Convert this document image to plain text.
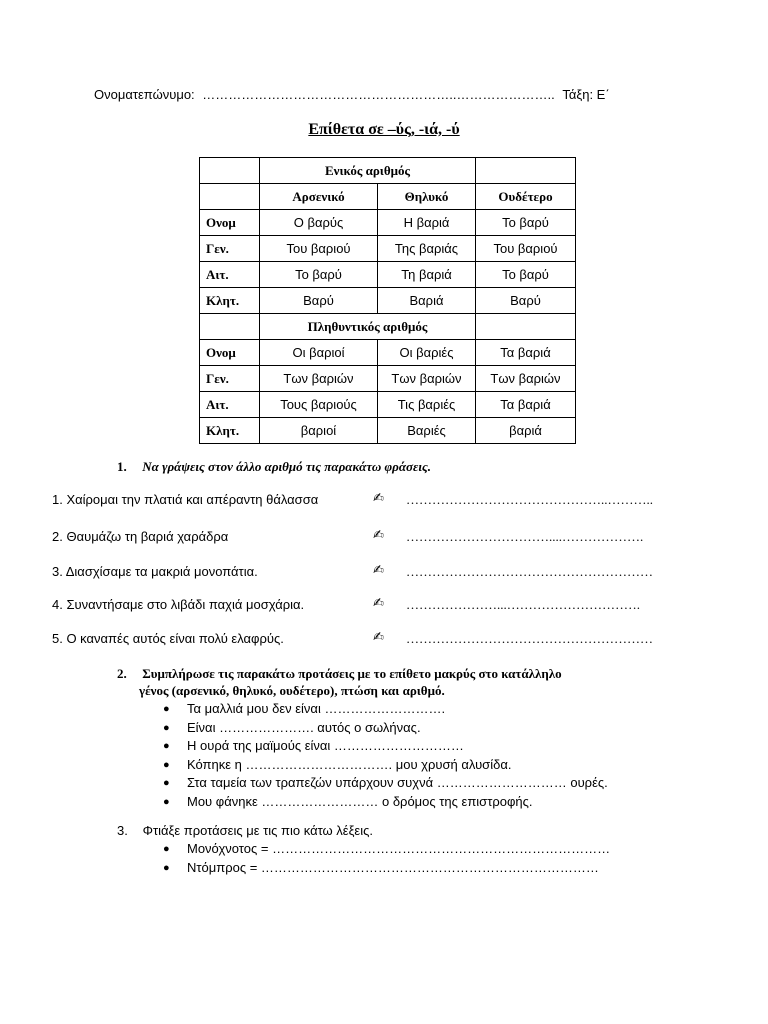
Ονοματεπώνυμο: …………………………………………………..………………….. Τάξη: Ε΄
Επίθετα σε –ύς, -ιά, -ύ
	Ενικός αριθμός		
	Αρσενικό	Θηλυκό	Ουδέτερο
Ονομ	Ο βαρύς	Η βαριά	Το βαρύ
Γεν.	Του βαριού	Της βαριάς	Του βαριού
Αιτ.	Το βαρύ	Τη βαριά	Το βαρύ
Κλητ.	Βαρύ	Βαριά	Βαρύ
	Πληθυντικός αριθμός		
Ονομ	Οι βαριοί	Οι βαριές	Τα βαριά
Γεν.	Των βαριών	Των βαριών	Των βαριών
Αιτ.	Τους βαριούς	Τις βαριές	Τα βαριά
Κλητ.	βαριοί	Βαριές	βαριά
1. Να γράψεις στον άλλο αριθμό τις παρακάτω φράσεις.
1. Χαίρομαι την πλατιά και απέραντη θάλασσα	✍ ………………………………………..………..
2. Θαυμάζω τη βαριά χαράδρα	✍ ……………………………....……………….
3. Διασχίσαμε τα μακριά μονοπάτια.	✍ …………………………………………………
4. Συναντήσαμε στο λιβάδι παχιά μοσχάρια.	✍ …………………...………………………….
5. Ο καναπές αυτός είναι πολύ ελαφρύς.	✍ …………………………………………………
2. Συμπλήρωσε τις παρακάτω προτάσεις με το επίθετο μακρύς στο κατάλληλο
γένος (αρσενικό, θηλυκό, ουδέτερο), πτώση και αριθμό.
● Τα μαλλιά μου δεν είναι ……………………….
● Είναι …………………. αυτός ο σωλήνας.
● Η ουρά της μαϊμούς είναι …………………………
● Κόπηκε η ……………………………. μου χρυσή αλυσίδα.
● Στα ταμεία των τραπεζών υπάρχουν συχνά ………………………… ουρές.
● Μου φάνηκε ……………………… ο δρόμος της επιστροφής.
3. Φτιάξε προτάσεις με τις πιο κάτω λέξεις.
● Μονόχνοτος = ……………………………………………………………………
● Ντόμπρος = ……………………………………………………………………
